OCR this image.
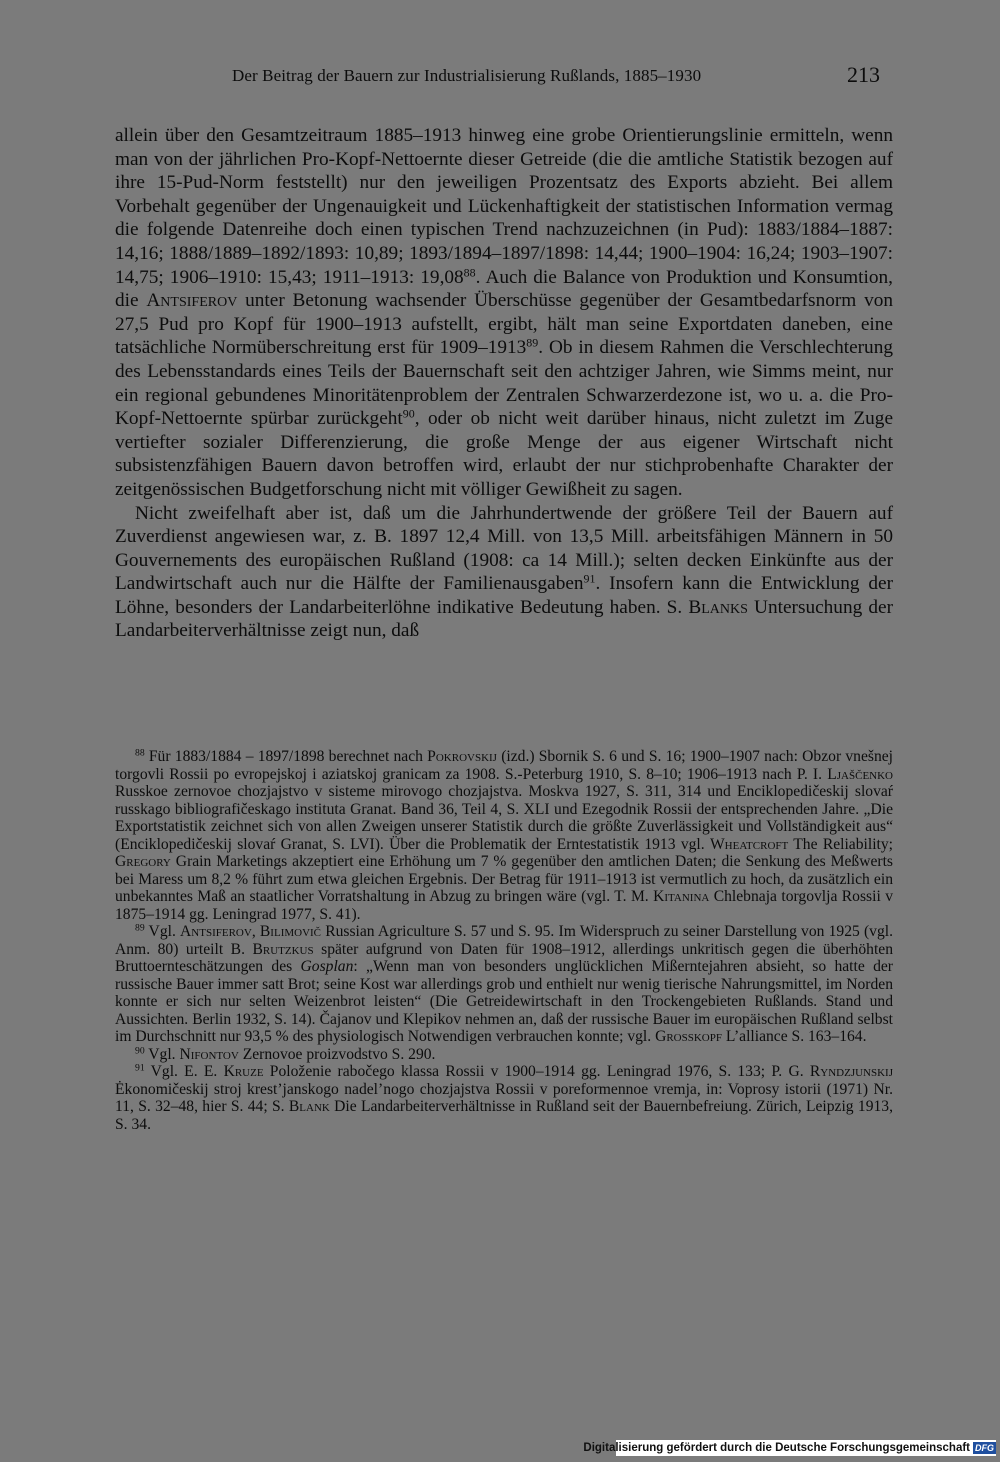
Der Beitrag der Bauern zur Industrialisierung Rußlands, 1885–1930	213

allein über den Gesamtzeitraum 1885–1913 hinweg eine grobe Orientierungslinie ermitteln, wenn man von der jährlichen Pro-Kopf-Nettoernte dieser Getreide (die die amtliche Statistik bezogen auf ihre 15-Pud-Norm feststellt) nur den jeweiligen Prozentsatz des Exports abzieht. Bei allem Vorbehalt gegenüber der Ungenauigkeit und Lückenhaftigkeit der statistischen Information vermag die folgende Datenreihe doch einen typischen Trend nachzuzeichnen (in Pud): 1883/1884–1887: 14,16; 1888/1889–1892/1893: 10,89; 1893/1894–1897/1898: 14,44; 1900–1904: 16,24; 1903–1907: 14,75; 1906–1910: 15,43; 1911–1913: 19,08$^{88}$. Auch die Balance von Produktion und Konsumtion, die Antsiferov unter Betonung wachsender Überschüsse gegenüber der Gesamtbedarfsnorm von 27,5 Pud pro Kopf für 1900–1913 aufstellt, ergibt, hält man seine Exportdaten daneben, eine tatsächliche Normüberschreitung erst für 1909–1913$^{89}$. Ob in diesem Rahmen die Verschlechterung des Lebensstandards eines Teils der Bauernschaft seit den achtziger Jahren, wie Simms meint, nur ein regional gebundenes Minoritätenproblem der Zentralen Schwarzerdezone ist, wo u. a. die Pro-Kopf-Nettoernte spürbar zurückgeht$^{90}$, oder ob nicht weit darüber hinaus, nicht zuletzt im Zuge vertiefter sozialer Differenzierung, die große Menge der aus eigener Wirtschaft nicht subsistenzfähigen Bauern davon betroffen wird, erlaubt der nur stichprobenhafte Charakter der zeitgenössischen Budgetforschung nicht mit völliger Gewißheit zu sagen.

Nicht zweifelhaft aber ist, daß um die Jahrhundertwende der größere Teil der Bauern auf Zuverdienst angewiesen war, z. B. 1897 12,4 Mill. von 13,5 Mill. arbeitsfähigen Männern in 50 Gouvernements des europäischen Rußland (1908: ca 14 Mill.); selten decken Einkünfte aus der Landwirtschaft auch nur die Hälfte der Familienausgaben$^{91}$. Insofern kann die Entwicklung der Löhne, besonders der Landarbeiterlöhne indikative Bedeutung haben. S. Blanks Untersuchung der Landarbeiterverhältnisse zeigt nun, daß

$^{88}$ Für 1883/1884 – 1897/1898 berechnet nach Pokrovskij (izd.) Sbornik S. 6 und S. 16; 1900–1907 nach: Obzor vnešnej torgovli Rossii po evropejskoj i aziatskoj granicam za 1908. S.-Peterburg 1910, S. 8–10; 1906–1913 nach P. I. Ljaščenko Russkoe zernovoe chozjajstvo v sisteme mirovogo chozjajstva. Moskva 1927, S. 311, 314 und Enciklopedičeskij slovaŕ russkago bibliografičeskago instituta Granat. Band 36, Teil 4, S. XLI und Ezegodnik Rossii der entsprechenden Jahre. „Die Exportstatistik zeichnet sich von allen Zweigen unserer Statistik durch die größte Zuverlässigkeit und Vollständigkeit aus“ (Enciklopedičeskij slovaŕ Granat, S. LVI). Über die Problematik der Erntestatistik 1913 vgl. Wheatcroft The Reliability; Gregory Grain Marketings akzeptiert eine Erhöhung um 7 % gegenüber den amtlichen Daten; die Senkung des Meßwerts bei Maress um 8,2 % führt zum etwa gleichen Ergebnis. Der Betrag für 1911–1913 ist vermutlich zu hoch, da zusätzlich ein unbekanntes Maß an staatlicher Vorratshaltung in Abzug zu bringen wäre (vgl. T. M. Kitanina Chlebnaja torgovlja Rossii v 1875–1914 gg. Leningrad 1977, S. 41).

$^{89}$ Vgl. Antsiferov, Bilimovič Russian Agriculture S. 57 und S. 95. Im Widerspruch zu seiner Darstellung von 1925 (vgl. Anm. 80) urteilt B. Brutzkus später aufgrund von Daten für 1908–1912, allerdings unkritisch gegen die überhöhten Bruttoernteschätzungen des Gosplan: „Wenn man von besonders unglücklichen Mißerntejahren absieht, so hatte der russische Bauer immer satt Brot; seine Kost war allerdings grob und enthielt nur wenig tierische Nahrungsmittel, im Norden konnte er sich nur selten Weizenbrot leisten“ (Die Getreidewirtschaft in den Trockengebieten Rußlands. Stand und Aussichten. Berlin 1932, S. 14). Čajanov und Klepikov nehmen an, daß der russische Bauer im europäischen Rußland selbst im Durchschnitt nur 93,5 % des physiologisch Notwendigen verbrauchen konnte; vgl. Grosskopf L’alliance S. 163–164.

$^{90}$ Vgl. Nifontov Zernovoe proizvodstvo S. 290.

$^{91}$ Vgl. E. E. Kruze Položenie rabočego klassa Rossii v 1900–1914 gg. Leningrad 1976, S. 133; P. G. Ryndzjunskij Ėkonomičeskij stroj krest’janskogo nadel’nogo chozjajstva Rossii v poreformennoe vremja, in: Voprosy istorii (1971) Nr. 11, S. 32–48, hier S. 44; S. Blank Die Landarbeiterverhältnisse in Rußland seit der Bauernbefreiung. Zürich, Leipzig 1913, S. 34.

Digitalisierung gefördert durch die Deutsche Forschungsgemeinschaft DFG
